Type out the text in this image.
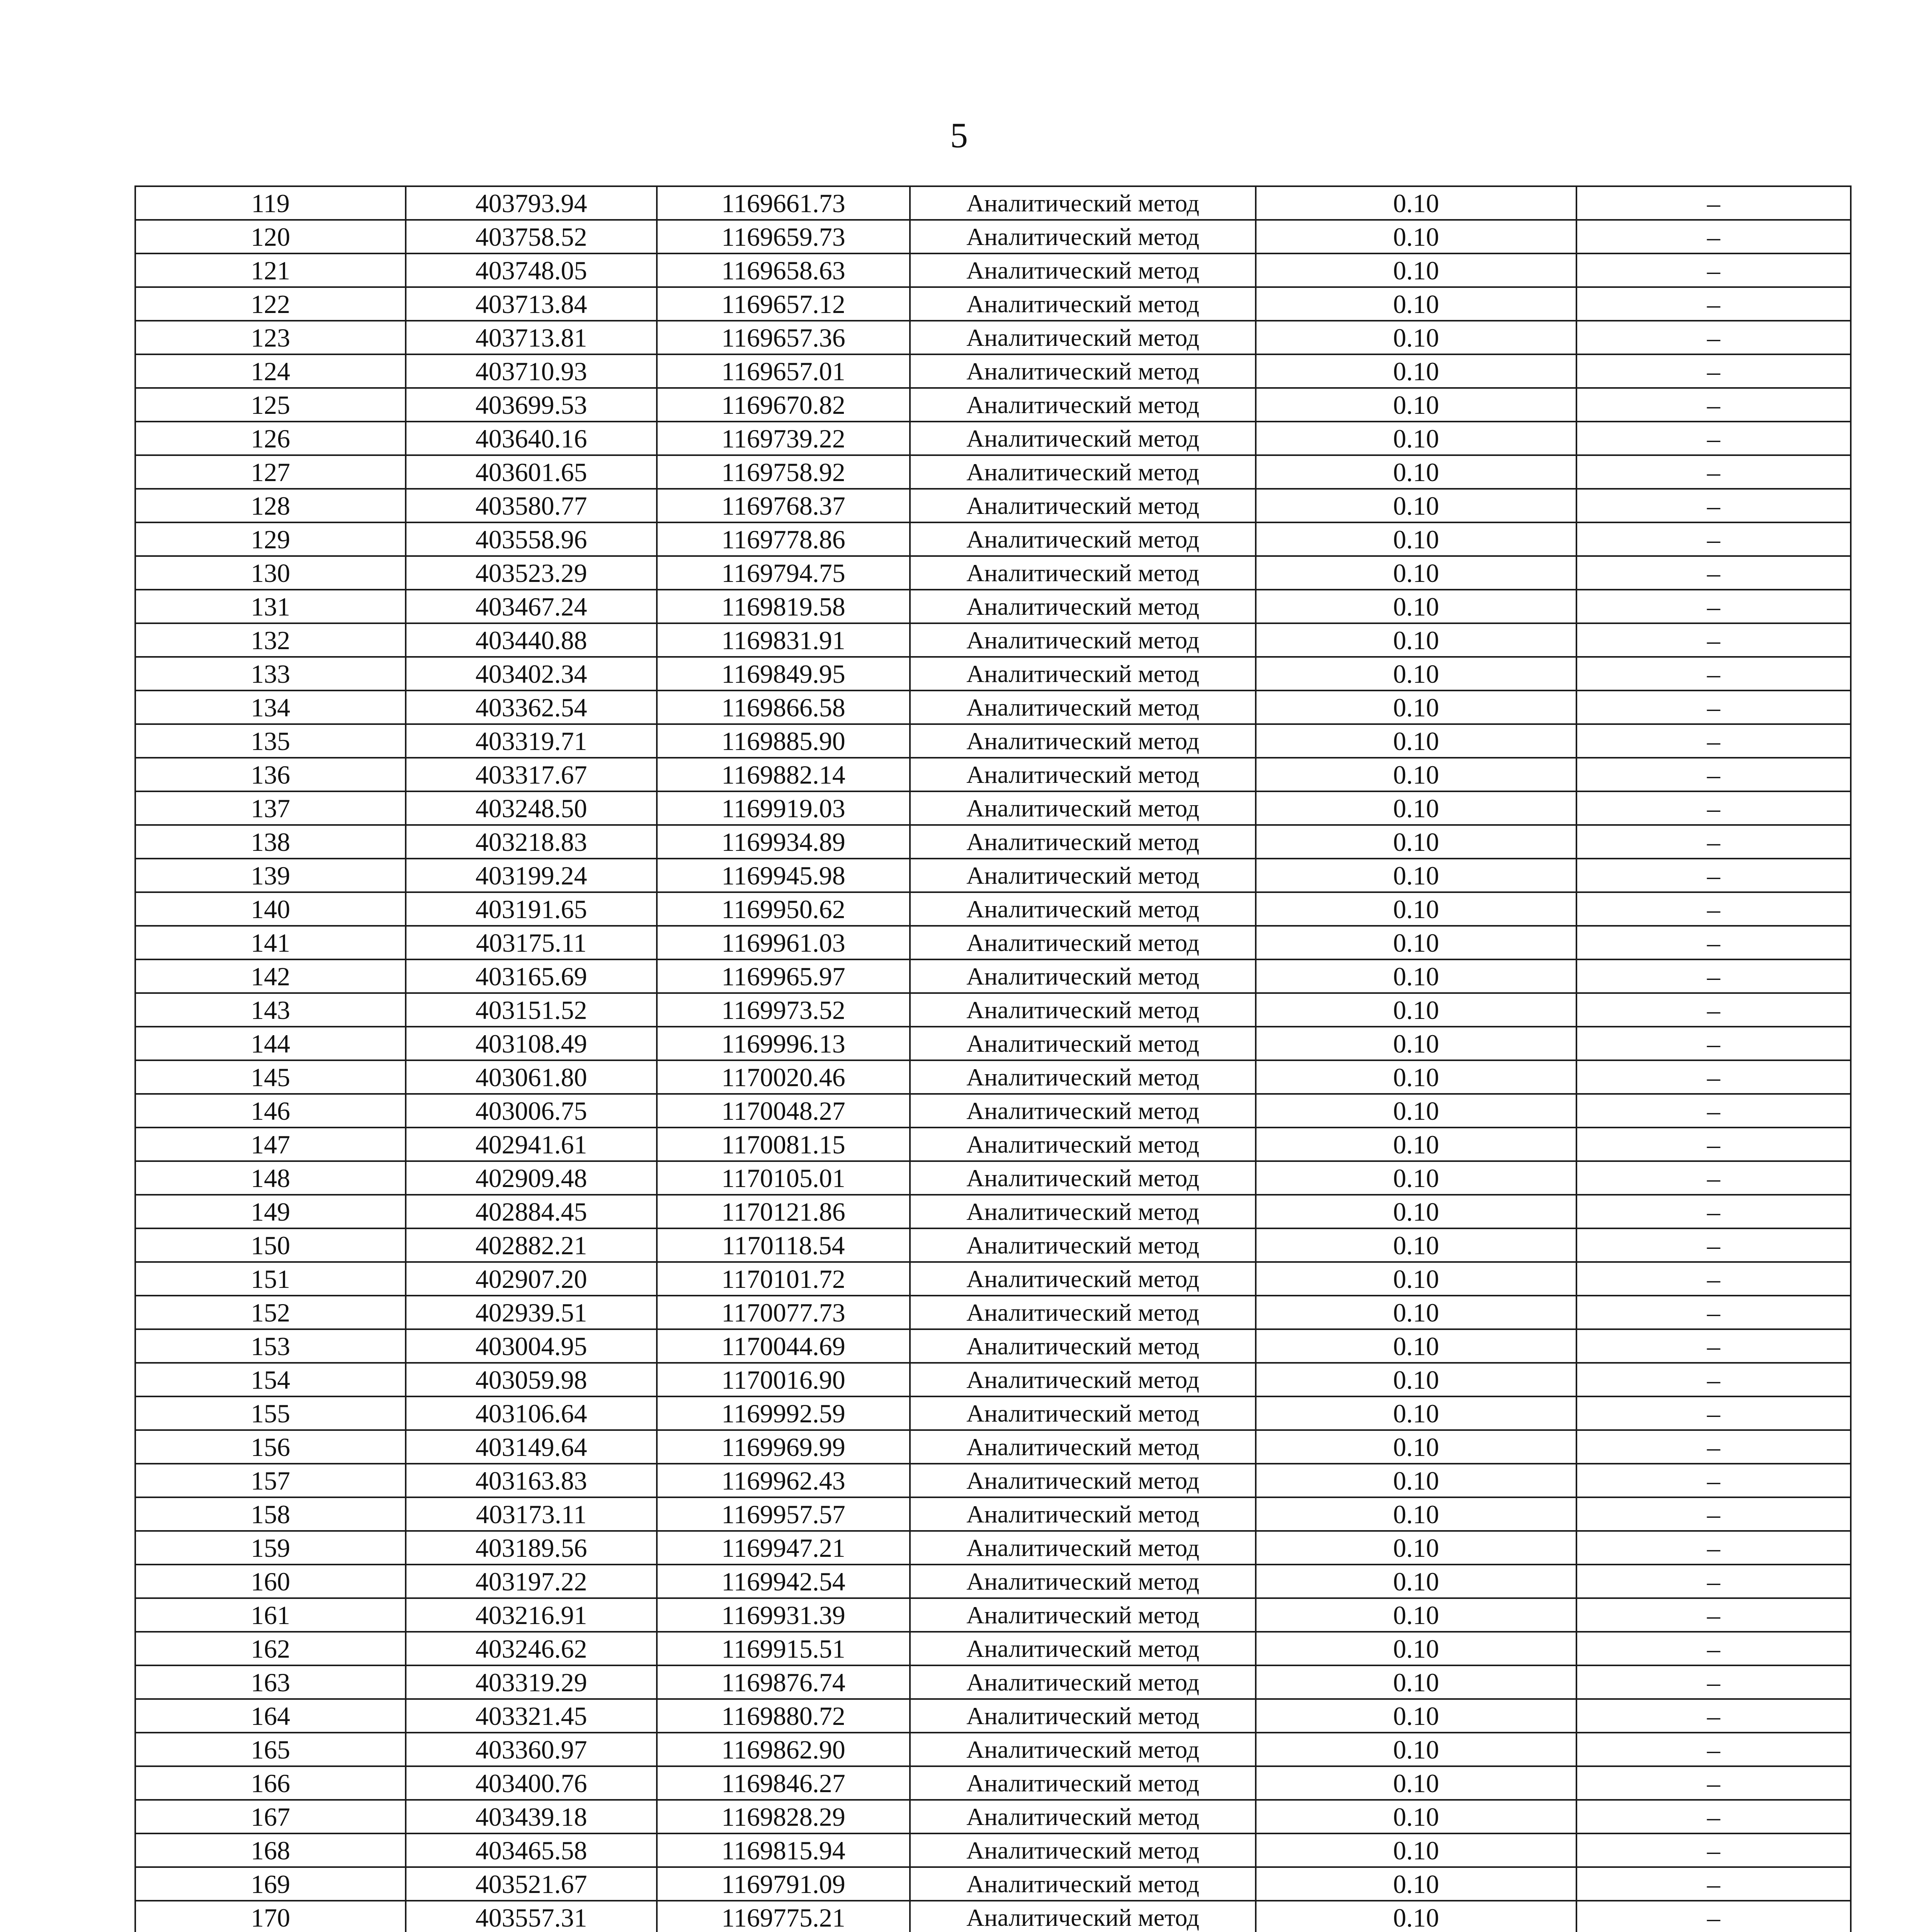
5
119	403793.94	1169661.73	Аналитический метод	0.10	–
120	403758.52	1169659.73	Аналитический метод	0.10	–
121	403748.05	1169658.63	Аналитический метод	0.10	–
122	403713.84	1169657.12	Аналитический метод	0.10	–
123	403713.81	1169657.36	Аналитический метод	0.10	–
124	403710.93	1169657.01	Аналитический метод	0.10	–
125	403699.53	1169670.82	Аналитический метод	0.10	–
126	403640.16	1169739.22	Аналитический метод	0.10	–
127	403601.65	1169758.92	Аналитический метод	0.10	–
128	403580.77	1169768.37	Аналитический метод	0.10	–
129	403558.96	1169778.86	Аналитический метод	0.10	–
130	403523.29	1169794.75	Аналитический метод	0.10	–
131	403467.24	1169819.58	Аналитический метод	0.10	–
132	403440.88	1169831.91	Аналитический метод	0.10	–
133	403402.34	1169849.95	Аналитический метод	0.10	–
134	403362.54	1169866.58	Аналитический метод	0.10	–
135	403319.71	1169885.90	Аналитический метод	0.10	–
136	403317.67	1169882.14	Аналитический метод	0.10	–
137	403248.50	1169919.03	Аналитический метод	0.10	–
138	403218.83	1169934.89	Аналитический метод	0.10	–
139	403199.24	1169945.98	Аналитический метод	0.10	–
140	403191.65	1169950.62	Аналитический метод	0.10	–
141	403175.11	1169961.03	Аналитический метод	0.10	–
142	403165.69	1169965.97	Аналитический метод	0.10	–
143	403151.52	1169973.52	Аналитический метод	0.10	–
144	403108.49	1169996.13	Аналитический метод	0.10	–
145	403061.80	1170020.46	Аналитический метод	0.10	–
146	403006.75	1170048.27	Аналитический метод	0.10	–
147	402941.61	1170081.15	Аналитический метод	0.10	–
148	402909.48	1170105.01	Аналитический метод	0.10	–
149	402884.45	1170121.86	Аналитический метод	0.10	–
150	402882.21	1170118.54	Аналитический метод	0.10	–
151	402907.20	1170101.72	Аналитический метод	0.10	–
152	402939.51	1170077.73	Аналитический метод	0.10	–
153	403004.95	1170044.69	Аналитический метод	0.10	–
154	403059.98	1170016.90	Аналитический метод	0.10	–
155	403106.64	1169992.59	Аналитический метод	0.10	–
156	403149.64	1169969.99	Аналитический метод	0.10	–
157	403163.83	1169962.43	Аналитический метод	0.10	–
158	403173.11	1169957.57	Аналитический метод	0.10	–
159	403189.56	1169947.21	Аналитический метод	0.10	–
160	403197.22	1169942.54	Аналитический метод	0.10	–
161	403216.91	1169931.39	Аналитический метод	0.10	–
162	403246.62	1169915.51	Аналитический метод	0.10	–
163	403319.29	1169876.74	Аналитический метод	0.10	–
164	403321.45	1169880.72	Аналитический метод	0.10	–
165	403360.97	1169862.90	Аналитический метод	0.10	–
166	403400.76	1169846.27	Аналитический метод	0.10	–
167	403439.18	1169828.29	Аналитический метод	0.10	–
168	403465.58	1169815.94	Аналитический метод	0.10	–
169	403521.67	1169791.09	Аналитический метод	0.10	–
170	403557.31	1169775.21	Аналитический метод	0.10	–
